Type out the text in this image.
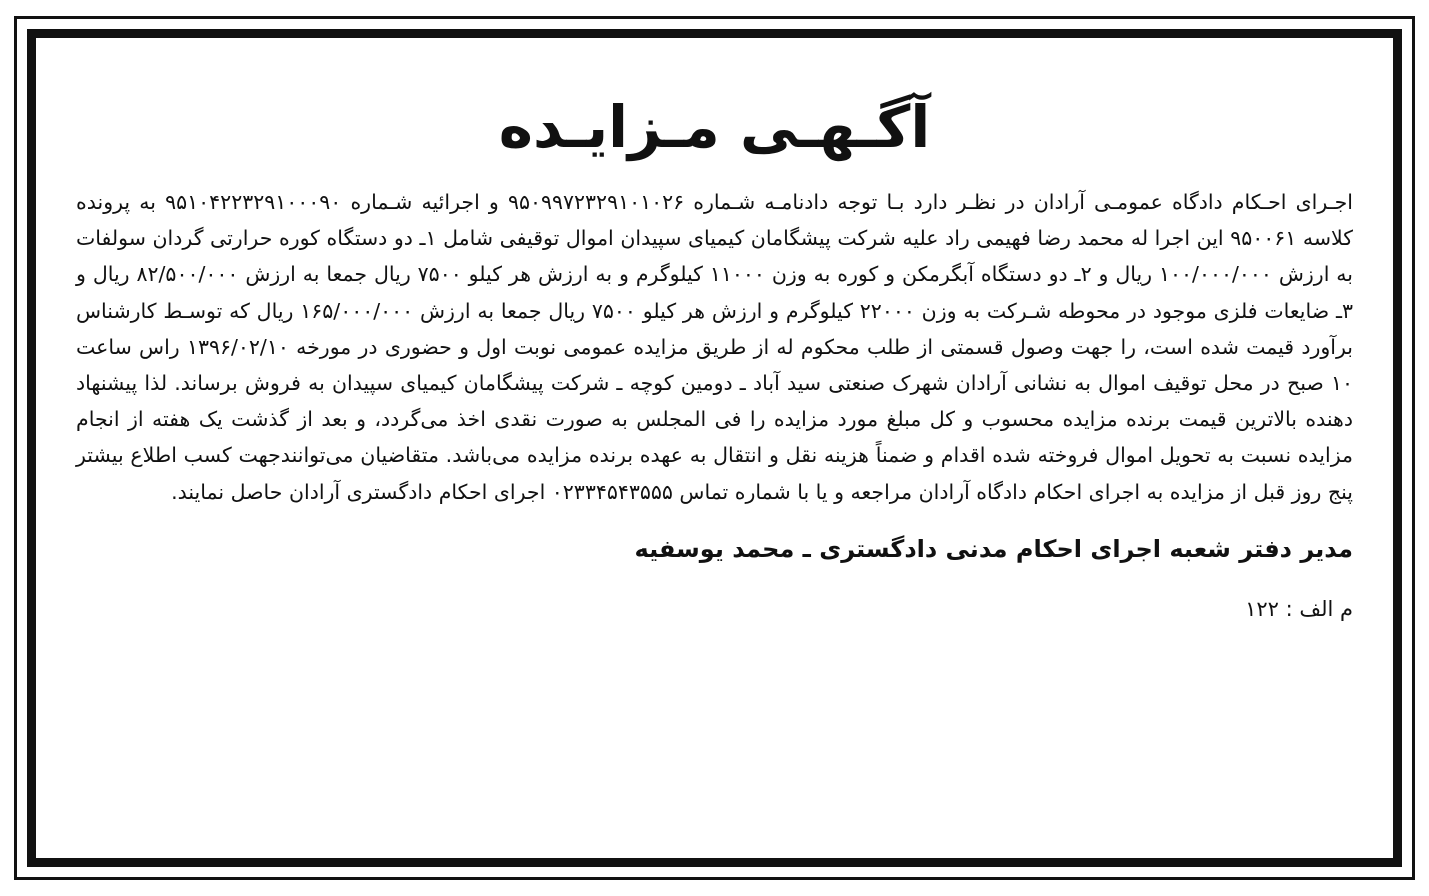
آگـهـی مـزایـده

اجـرای احـکام دادگاه عمومـی آرادان در نظـر دارد بـا توجه دادنامـه شـماره ۹۵۰۹۹۷۲۳۲۹۱۰۱۰۲۶ و اجرائیه شـماره ۹۵۱۰۴۲۲۳۲۹۱۰۰۰۹۰ به پرونده کلاسه ۹۵۰۰۶۱ این اجرا له محمد رضا فهیمی راد علیه شرکت پیشگامان کیمیای سپیدان اموال توقیفی شامل ۱ـ دو دستگاه کوره حرارتی گردان سولفات به ارزش ۱۰۰/۰۰۰/۰۰۰ ریال و ۲ـ دو دستگاه آبگرمکن و کوره به وزن ۱۱۰۰۰ کیلوگرم و به ارزش هر کیلو ۷۵۰۰ ریال جمعا به ارزش ۸۲/۵۰۰/۰۰۰ ریال و ۳ـ ضایعات فلزی موجود در محوطه شـرکت به وزن ۲۲۰۰۰ کیلوگرم و ارزش هر کیلو ۷۵۰۰ ریال جمعا به ارزش ۱۶۵/۰۰۰/۰۰۰ ریال که توسـط کارشناس برآورد قیمت شده است، را جهت وصول قسمتی از طلب محکوم له از طریق مزایده عمومی نوبت اول و حضوری در مورخه ۱۳۹۶/۰۲/۱۰ راس ساعت ۱۰ صبح در محل توقیف اموال به نشانی آرادان شهرک صنعتی سید آباد ـ دومین کوچه ـ شرکت پیشگامان کیمیای سپیدان به فروش برساند. لذا پیشنهاد دهنده بالاترین قیمت برنده مزایده محسوب و کل مبلغ مورد مزایده را فی المجلس به صورت نقدی اخذ می‌گردد، و بعد از گذشت یک هفته از انجام مزایده نسبت به تحویل اموال فروخته شده اقدام و ضمناً هزینه نقل و انتقال به عهده برنده مزایده می‌باشد. متقاضیان می‌توانندجهت کسب اطلاع بیشتر پنج روز قبل از مزایده به اجرای احکام دادگاه آرادان مراجعه و یا با شماره تماس ۰۲۳۳۴۵۴۳۵۵۵ اجرای احکام دادگستری آرادان حاصل نمایند.

مدیر دفتر شعبه اجرای احکام مدنی دادگستری ـ محمد یوسفیه

م الف : ۱۲۲
